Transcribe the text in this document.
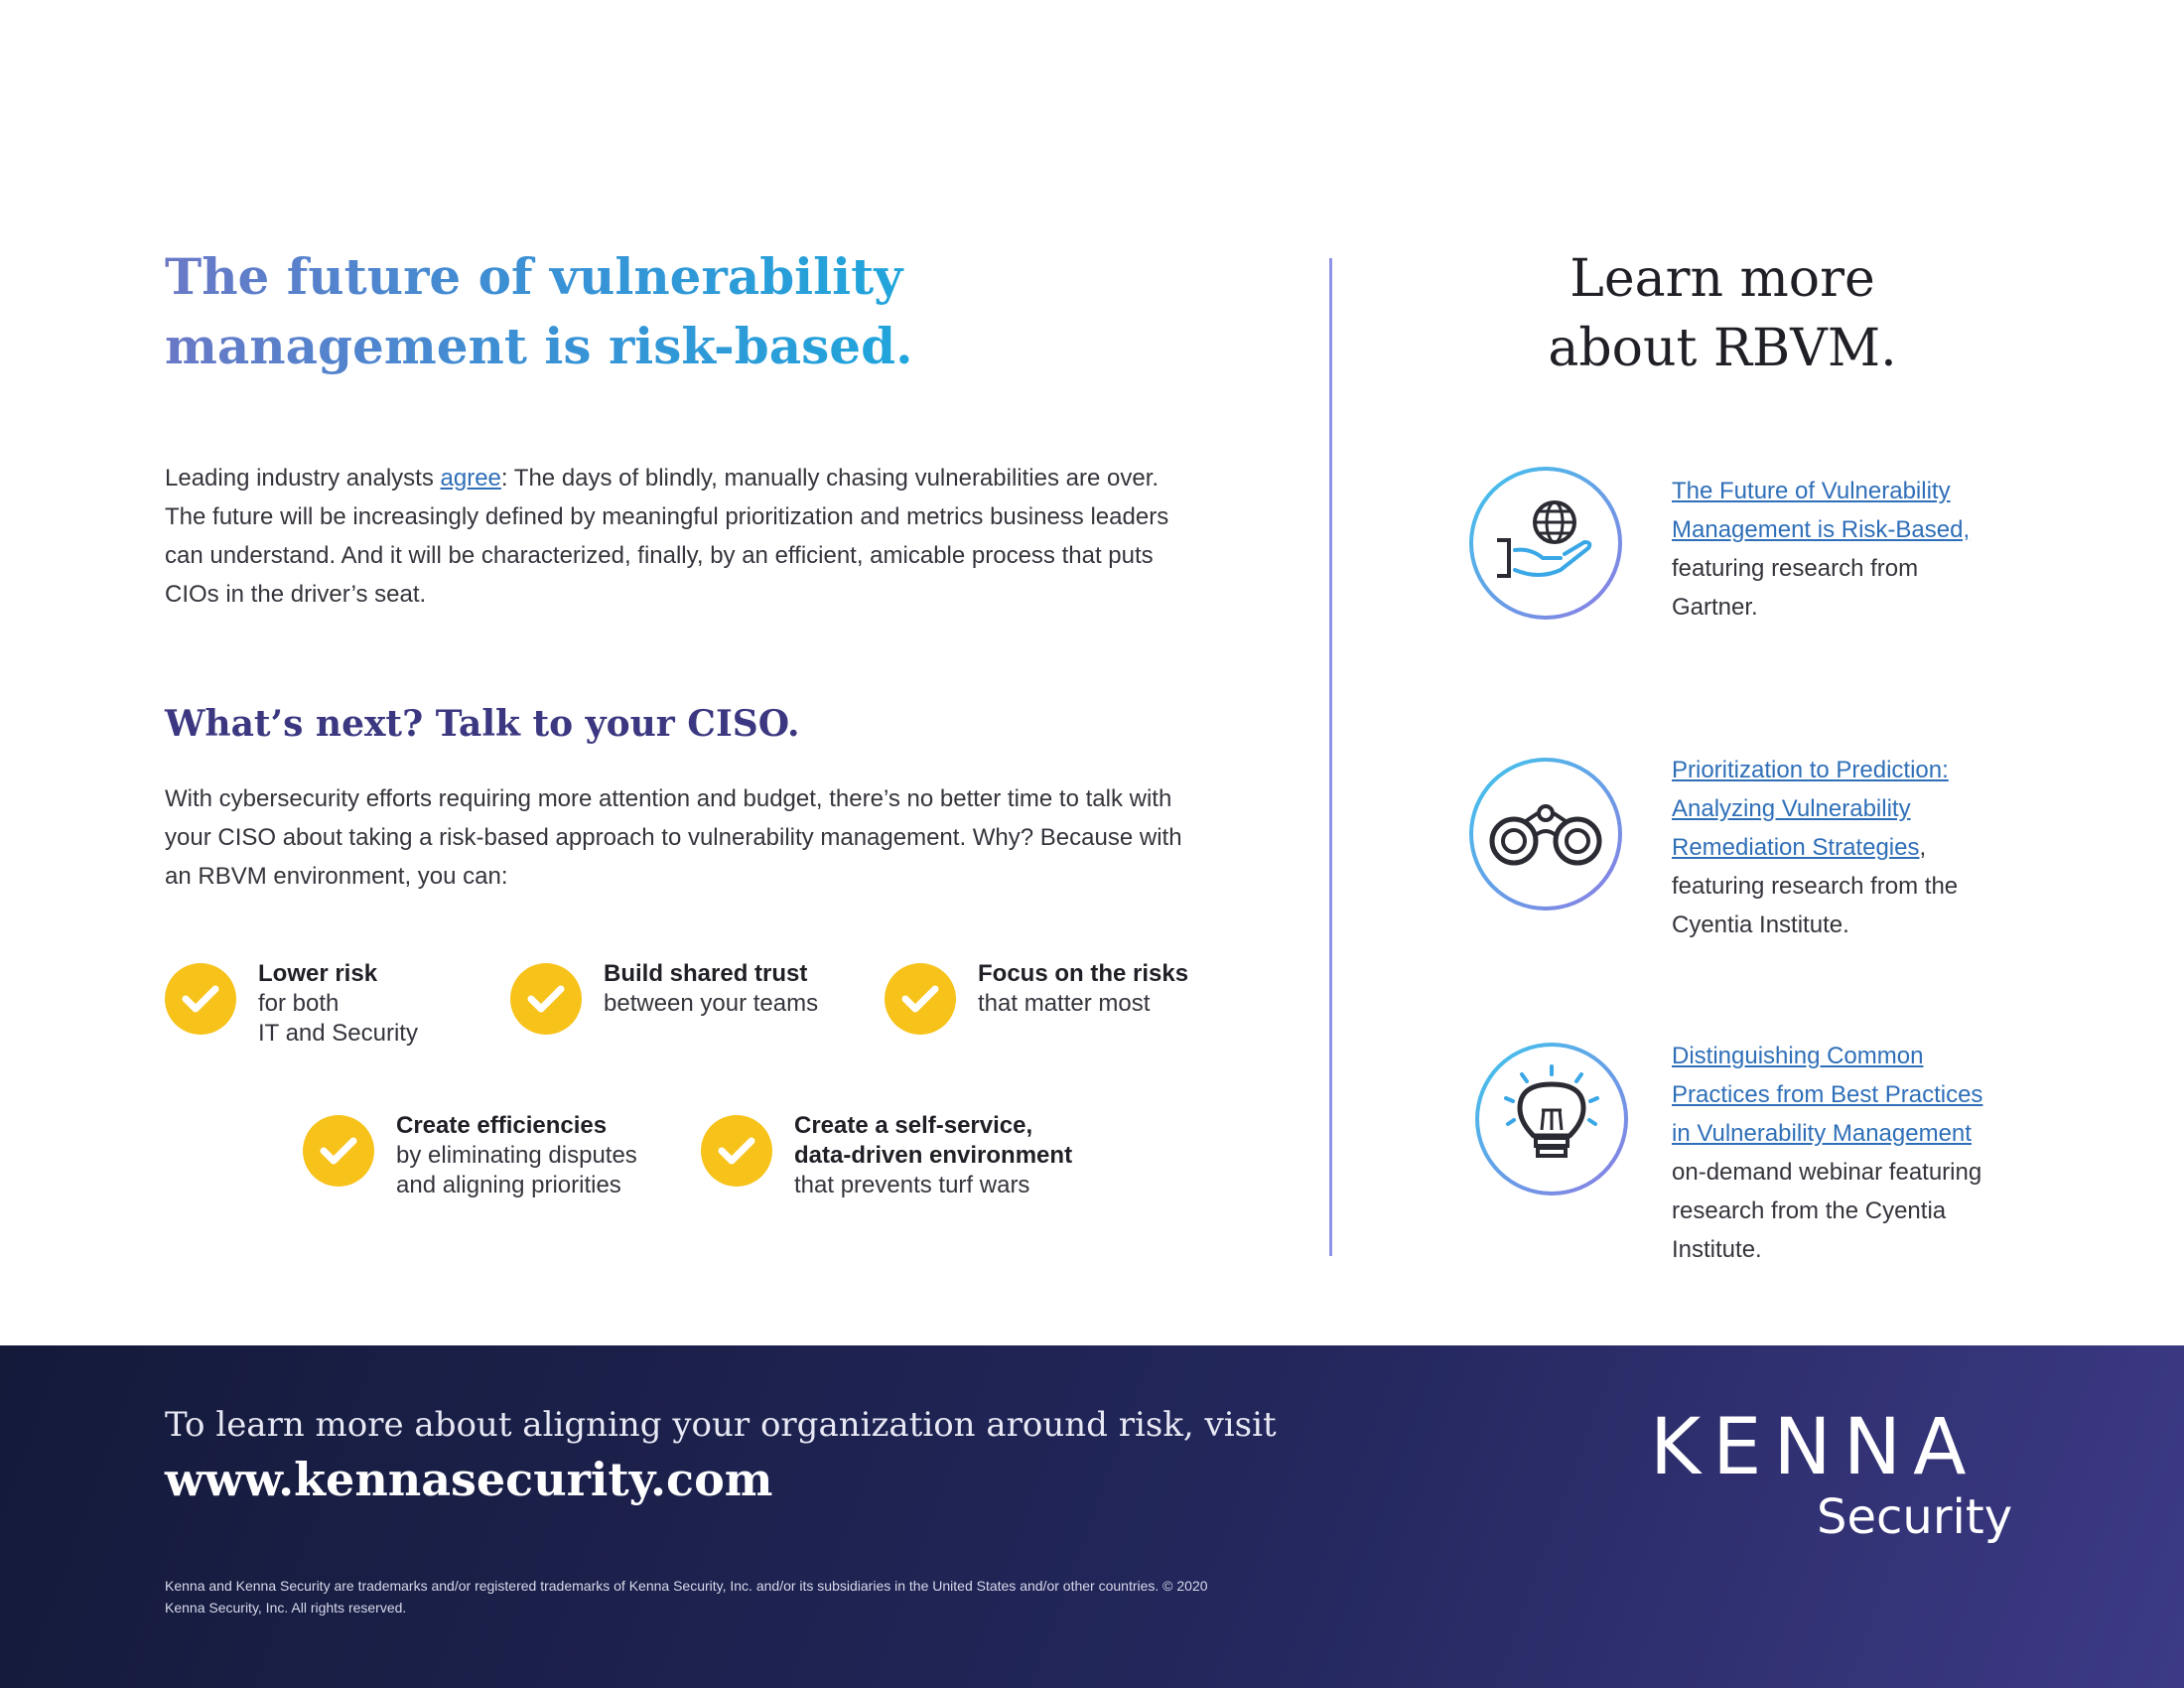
The future of vulnerability
management is risk-based.

Leading industry analysts agree: The days of blindly, manually chasing vulnerabilities are over. The future will be increasingly defined by meaningful prioritization and metrics business leaders can understand. And it will be characterized, finally, by an efficient, amicable process that puts CIOs in the driver’s seat.

What’s next? Talk to your CISO.

With cybersecurity efforts requiring more attention and budget, there’s no better time to talk with your CISO about taking a risk-based approach to vulnerability management. Why? Because with an RBVM environment, you can:

Lower risk
for both
IT and Security
Build shared trust
between your teams
Focus on the risks
that matter most
Create efficiencies
by eliminating disputes
and aligning priorities
Create a self-service,
data-driven environment
that prevents turf wars
Learn more
about RBVM.
The Future of Vulnerability
Management is Risk-Based,
featuring research from
Gartner.
Prioritization to Prediction:
Analyzing Vulnerability
Remediation Strategies,
featuring research from the
Cyentia Institute.
Distinguishing Common
Practices from Best Practices
in Vulnerability Management
on-demand webinar featuring
research from the Cyentia
Institute.

To learn more about aligning your organization around risk, visit

www.kennasecurity.com

Kenna and Kenna Security are trademarks and/or registered trademarks of Kenna Security, Inc. and/or its subsidiaries in the United States and/or other countries. © 2020 Kenna Security, Inc. All rights reserved.

KENNA

Security
